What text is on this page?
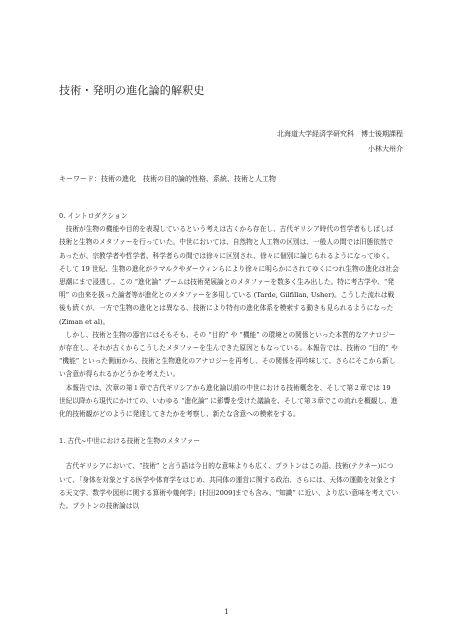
技術・発明の進化論的解釈史
北海道大学経済学研究科　博士後期課程
小林大州介
キーワード：技術の進化　技術の目的論的性格、系統、技術と人工物

0. イントロダクション

　技術が生物の機能や目的を表現しているという考えは古くから存在し、古代ギリシア時代の哲学者もしばしば技術と生物のメタファーを行っていた。中世においては、自然物と人工物の区別は、一般人の間では旧態依然であったが、宗教学者や哲学者、科学者らの間では徐々に区別され、徐々に個別に論じられるようになってゆく。そして 19 世紀、生物の進化がラマルクやダーウィンらにより徐々に明らかにされてゆくにつれ生物の進化は社会思潮にまで浸透し、この “進化論” ブームは技術発展論とのメタファーを数多く生み出した。特に考古学や、“発明” の由来を扱った論者等が進化とのメタファーを多用している (Tarde, Gilfillan, Usher)。こうした流れは戦後も続くが、一方で生物の進化とは異なる、技術により特有の進化体系を模索する動きも見られるようになった(Ziman et al)。

　しかし、技術と生物の器官にはそもそも、その “目的” や “機能” の環境との関係といった本質的なアナロジーが存在し、それが古くからこうしたメタファーを生んできた原因ともなっている。本報告では、技術の “目的” や “機能” といった側面から、技術と生物進化のアナロジーを再考し、その関係を再吟味して、さらにそこから新しい含意が得られるかどうかを考えたい。

　本報告では、次章の第１章で古代ギリシアから進化論以前の中世における技術概念を、そして第２章では 19 世紀以降から現代にかけての、いわゆる “進化論” に影響を受けた議論を、そして第３章でこの流れを概観し、進化的技術観がどのように発達してきたかを考察し、新たな含意への模索をする。

1. 古代~中世における技術と生物のメタファー

　古代ギリシアにおいて、“技術” と言う語は今日的な意味よりも広く、プラトンはこの語、技術(テクネー)について、「身体を対象とする医学や体育学をはじめ、共同体の運営に関する政治、さらには、天体の運動を対象とする天文学、数学や図形に関する算術や幾何学」[村田2009]までも含み、“知識” に近い、より広い意味を考えていた。プラトンの技術論は以

1
